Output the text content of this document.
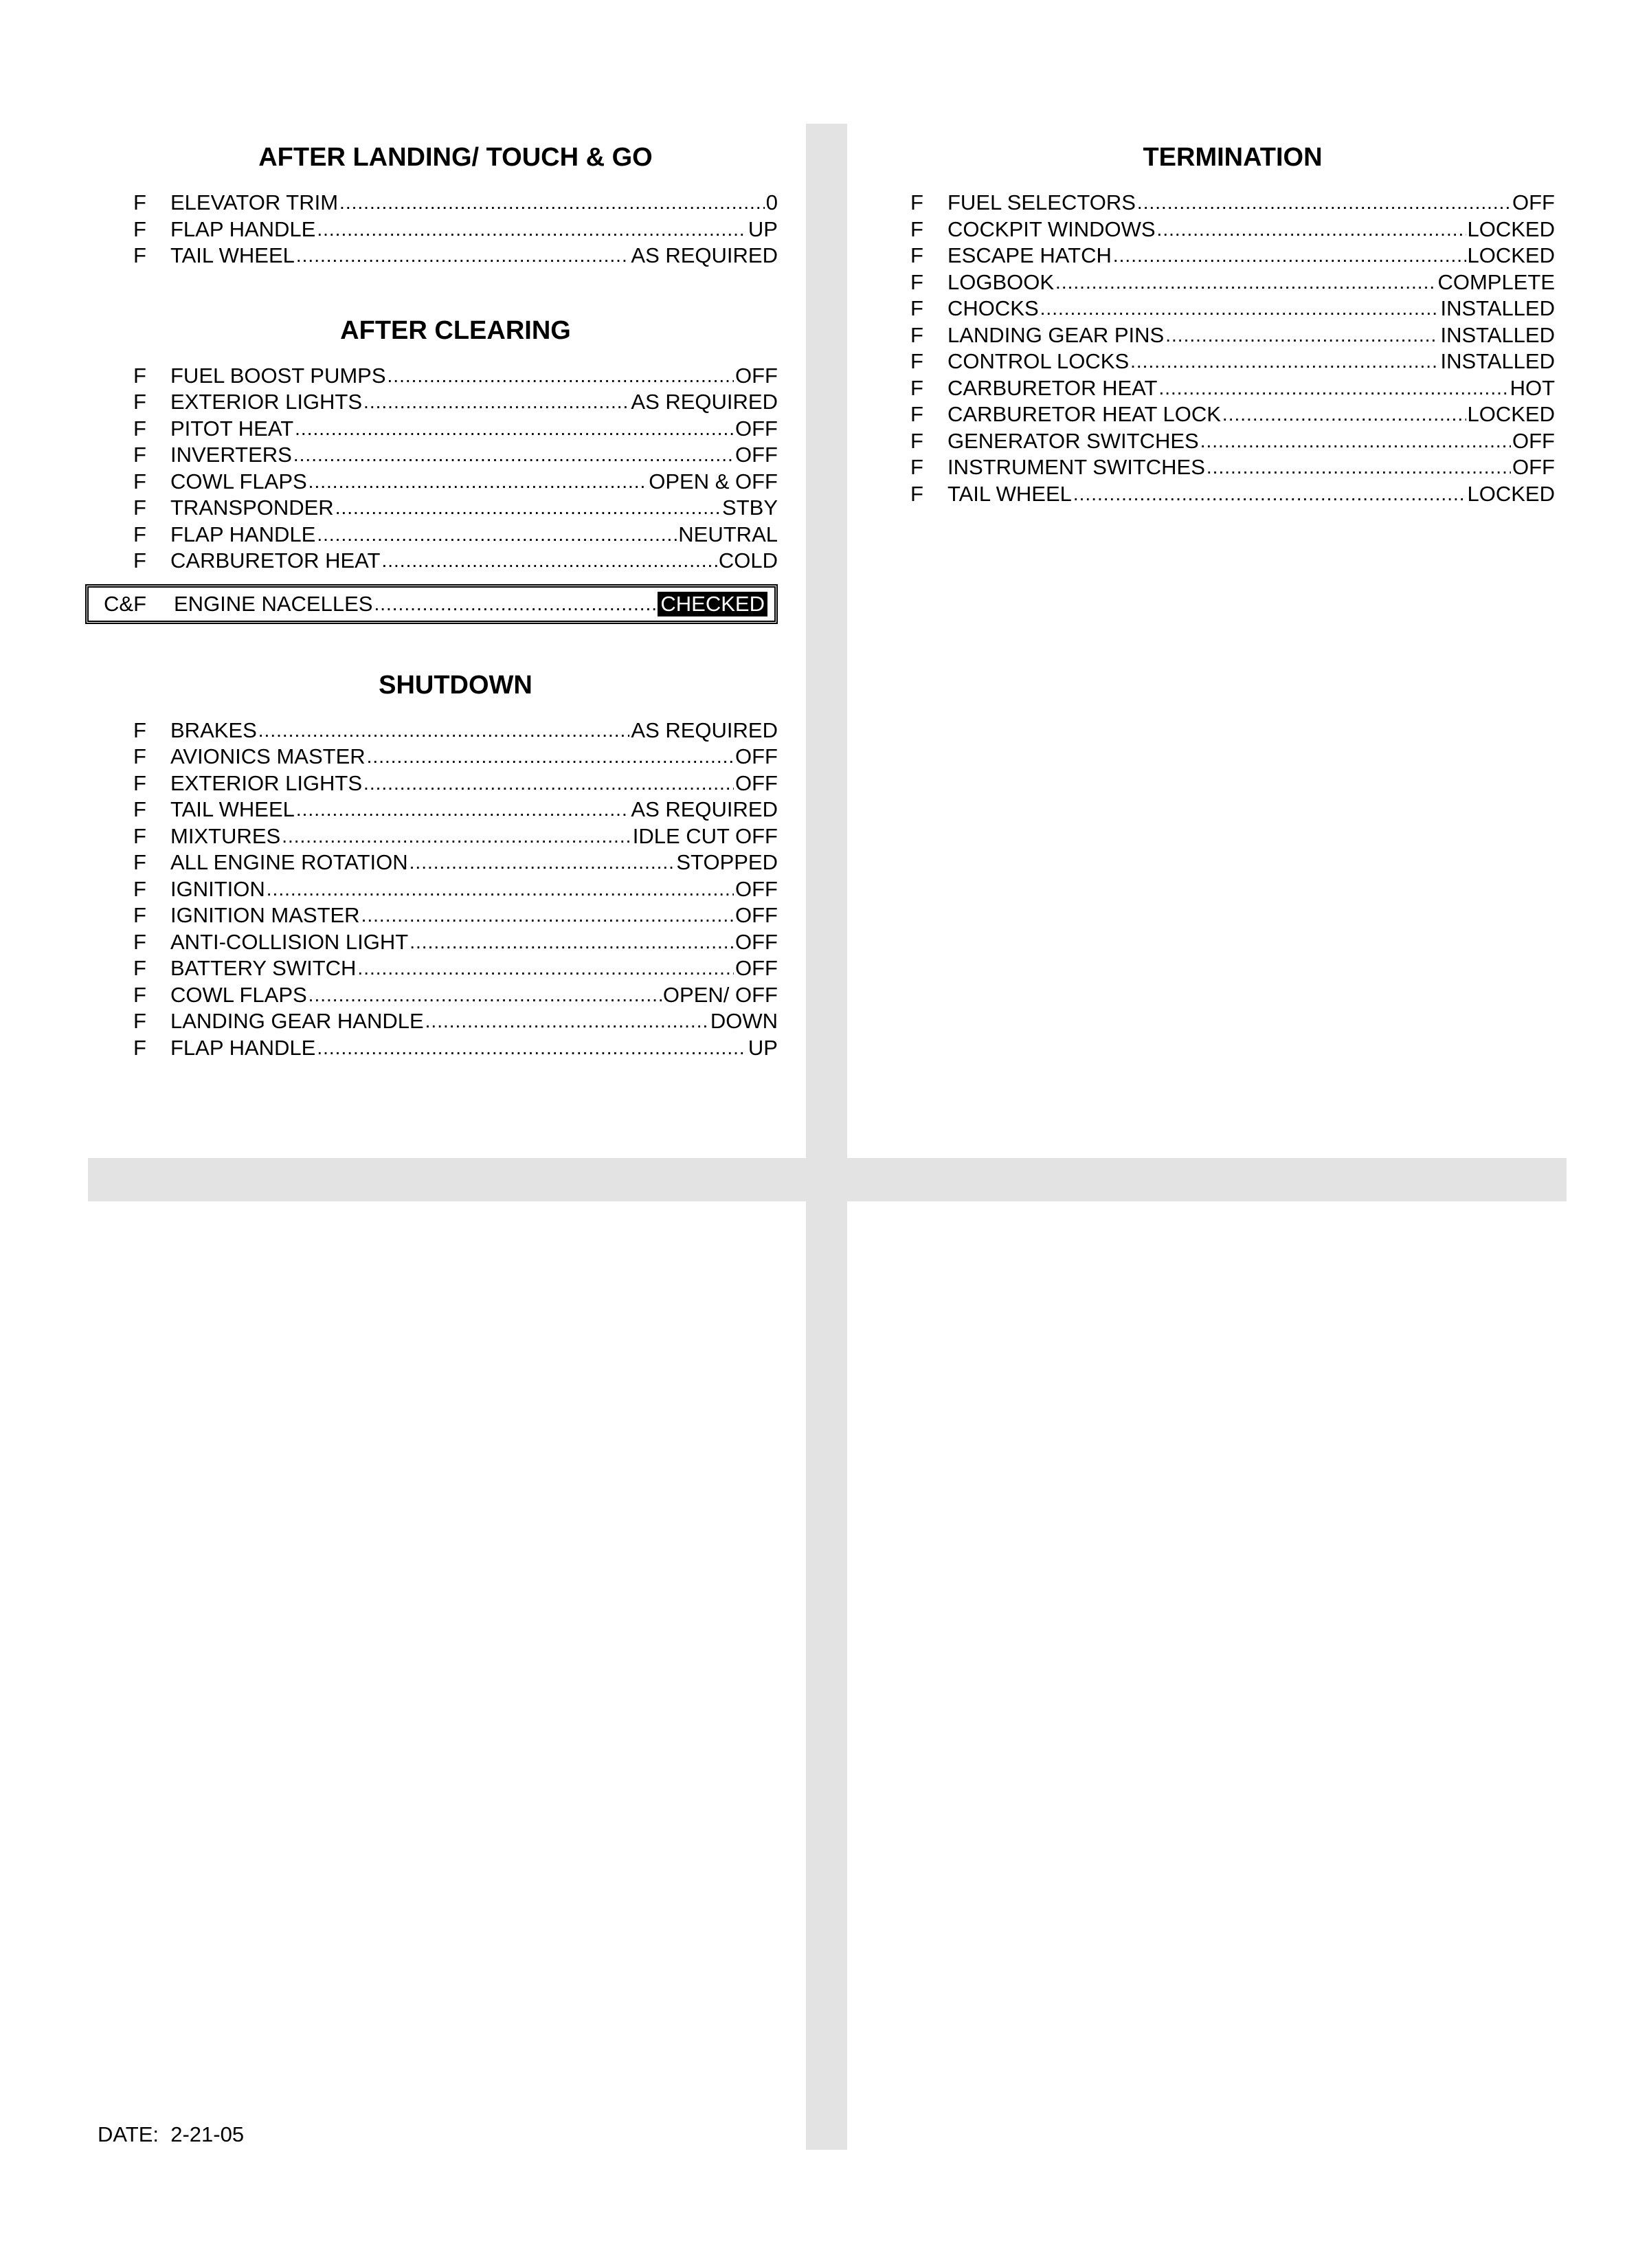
AFTER LANDING/ TOUCH & GO
F	ELEVATOR TRIM .....	0
F	FLAP HANDLE .....	UP
F	TAIL WHEEL .....	AS REQUIRED
AFTER CLEARING
F	FUEL BOOST PUMPS .....	OFF
F	EXTERIOR LIGHTS .....	AS REQUIRED
F	PITOT HEAT .....	OFF
F	INVERTERS .....	OFF
F	COWL FLAPS .....	OPEN & OFF
F	TRANSPONDER .....	STBY
F	FLAP HANDLE .....	NEUTRAL
F	CARBURETOR HEAT .....	COLD
C&F	ENGINE NACELLES .....	CHECKED
SHUTDOWN
F	BRAKES .....	AS REQUIRED
F	AVIONICS MASTER .....	OFF
F	EXTERIOR LIGHTS .....	OFF
F	TAIL WHEEL .....	AS REQUIRED
F	MIXTURES .....	IDLE CUT OFF
F	ALL ENGINE ROTATION .....	STOPPED
F	IGNITION .....	OFF
F	IGNITION MASTER .....	OFF
F	ANTI-COLLISION LIGHT .....	OFF
F	BATTERY SWITCH .....	OFF
F	COWL FLAPS .....	OPEN/ OFF
F	LANDING GEAR HANDLE .....	DOWN
F	FLAP HANDLE .....	UP
TERMINATION
F	FUEL SELECTORS .....	OFF
F	COCKPIT WINDOWS .....	LOCKED
F	ESCAPE HATCH .....	LOCKED
F	LOGBOOK .....	COMPLETE
F	CHOCKS .....	INSTALLED
F	LANDING GEAR PINS .....	INSTALLED
F	CONTROL LOCKS .....	INSTALLED
F	CARBURETOR HEAT .....	HOT
F	CARBURETOR HEAT LOCK .....	LOCKED
F	GENERATOR SWITCHES .....	OFF
F	INSTRUMENT SWITCHES .....	OFF
F	TAIL WHEEL .....	LOCKED
DATE: 2-21-05
